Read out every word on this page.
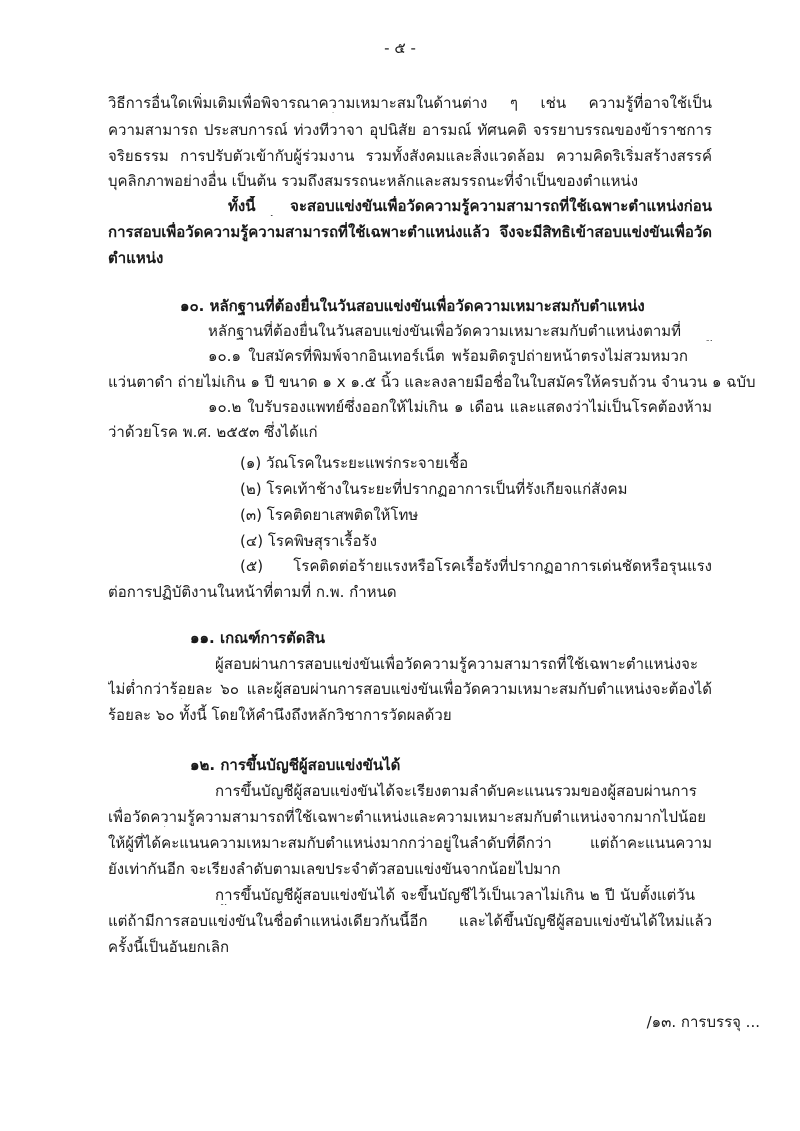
- ๕ -
วิธีการอื่นใดเพิ่มเติมเพื่อพิจารณาความเหมาะสมในด้านต่าง ๆ เช่น ความรู้ที่อาจใช้เป็น
ความสามารถ ประสบการณ์ ท่วงทีวาจา อุปนิสัย อารมณ์ ทัศนคติ จรรยาบรรณของข้าราชการ
จริยธรรม การปรับตัวเข้ากับผู้ร่วมงาน รวมทั้งสังคมและสิ่งแวดล้อม ความคิดริเริ่มสร้างสรรค์
บุคลิกภาพอย่างอื่น เป็นต้น รวมถึงสมรรถนะหลักและสมรรถนะที่จำเป็นของตำแหน่ง
ทั้งนี้ จะสอบแข่งขันเพื่อวัดความรู้ความสามารถที่ใช้เฉพาะตำแหน่งก่อน
การสอบเพื่อวัดความรู้ความสามารถที่ใช้เฉพาะตำแหน่งแล้ว จึงจะมีสิทธิเข้าสอบแข่งขันเพื่อวัด
ตำแหน่ง
๑๐. หลักฐานที่ต้องยื่นในวันสอบแข่งขันเพื่อวัดความเหมาะสมกับตำแหน่ง
หลักฐานที่ต้องยื่นในวันสอบแข่งขันเพื่อวัดความเหมาะสมกับตำแหน่งตามที่
๑๐.๑ ใบสมัครที่พิมพ์จากอินเทอร์เน็ต พร้อมติดรูปถ่ายหน้าตรงไม่สวมหมวก
แว่นตาดำ ถ่ายไม่เกิน ๑ ปี ขนาด ๑ x ๑.๕ นิ้ว และลงลายมือชื่อในใบสมัครให้ครบถ้วน จำนวน ๑ ฉบับ
๑๐.๒ ใบรับรองแพทย์ซึ่งออกให้ไม่เกิน ๑ เดือน และแสดงว่าไม่เป็นโรคต้องห้าม
ว่าด้วยโรค พ.ศ. ๒๕๕๓ ซึ่งได้แก่
(๑) วัณโรคในระยะแพร่กระจายเชื้อ
(๒) โรคเท้าช้างในระยะที่ปรากฏอาการเป็นที่รังเกียจแก่สังคม
(๓) โรคติดยาเสพติดให้โทษ
(๔) โรคพิษสุราเรื้อรัง
(๕) โรคติดต่อร้ายแรงหรือโรคเรื้อรังที่ปรากฏอาการเด่นชัดหรือรุนแรง
ต่อการปฏิบัติงานในหน้าที่ตามที่ ก.พ. กำหนด
๑๑. เกณฑ์การตัดสิน
ผู้สอบผ่านการสอบแข่งขันเพื่อวัดความรู้ความสามารถที่ใช้เฉพาะตำแหน่งจะ
ไม่ต่ำกว่าร้อยละ ๖๐ และผู้สอบผ่านการสอบแข่งขันเพื่อวัดความเหมาะสมกับตำแหน่งจะต้องได้
ร้อยละ ๖๐ ทั้งนี้ โดยให้คำนึงถึงหลักวิชาการวัดผลด้วย
๑๒. การขึ้นบัญชีผู้สอบแข่งขันได้
การขึ้นบัญชีผู้สอบแข่งขันได้จะเรียงตามลำดับคะแนนรวมของผู้สอบผ่านการ
เพื่อวัดความรู้ความสามารถที่ใช้เฉพาะตำแหน่งและความเหมาะสมกับตำแหน่งจากมากไปน้อย
ให้ผู้ที่ได้คะแนนความเหมาะสมกับตำแหน่งมากกว่าอยู่ในลำดับที่ดีกว่า แต่ถ้าคะแนนความ
ยังเท่ากันอีก จะเรียงลำดับตามเลขประจำตัวสอบแข่งขันจากน้อยไปมาก
การขึ้นบัญชีผู้สอบแข่งขันได้ จะขึ้นบัญชีไว้เป็นเวลาไม่เกิน ๒ ปี นับตั้งแต่วัน
แต่ถ้ามีการสอบแข่งขันในชื่อตำแหน่งเดียวกันนี้อีก และได้ขึ้นบัญชีผู้สอบแข่งขันได้ใหม่แล้ว
ครั้งนี้เป็นอันยกเลิก
/๑๓. การบรรจุ ...
